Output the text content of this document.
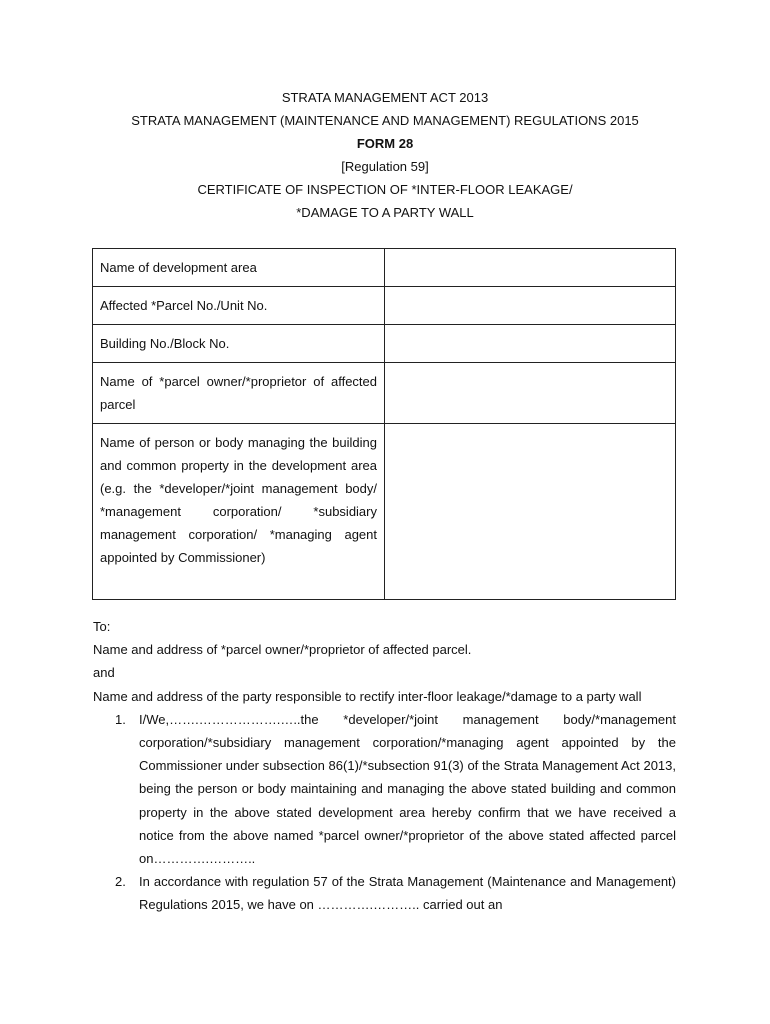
STRATA MANAGEMENT ACT 2013
STRATA MANAGEMENT (MAINTENANCE AND MANAGEMENT) REGULATIONS 2015
FORM 28
[Regulation 59]
CERTIFICATE OF INSPECTION OF *INTER-FLOOR LEAKAGE/
*DAMAGE TO A PARTY WALL
Name of development area	
Affected *Parcel No./Unit No.	
Building No./Block No.	
Name of *parcel owner/*proprietor of affected parcel	
Name of person or body managing the building and common property in the development area (e.g. the *developer/*joint management body/ *management corporation/ *subsidiary management corporation/ *managing agent appointed by Commissioner)	

To:

Name and address of *parcel owner/*proprietor of affected parcel.

and

Name and address of the party responsible to rectify inter-floor leakage/*damage to a party wall

1. I/We,…….……………….…..the *developer/*joint management body/*management corporation/*subsidiary management corporation/*managing agent appointed by the Commissioner under subsection 86(1)/*subsection 91(3) of the Strata Management Act 2013, being the person or body maintaining and managing the above stated building and common property in the above stated development area hereby confirm that we have received a notice from the above named *parcel owner/*proprietor of the above stated affected parcel on………….………..
2. In accordance with regulation 57 of the Strata Management (Maintenance and Management) Regulations 2015, we have on ………….……….. carried out an
